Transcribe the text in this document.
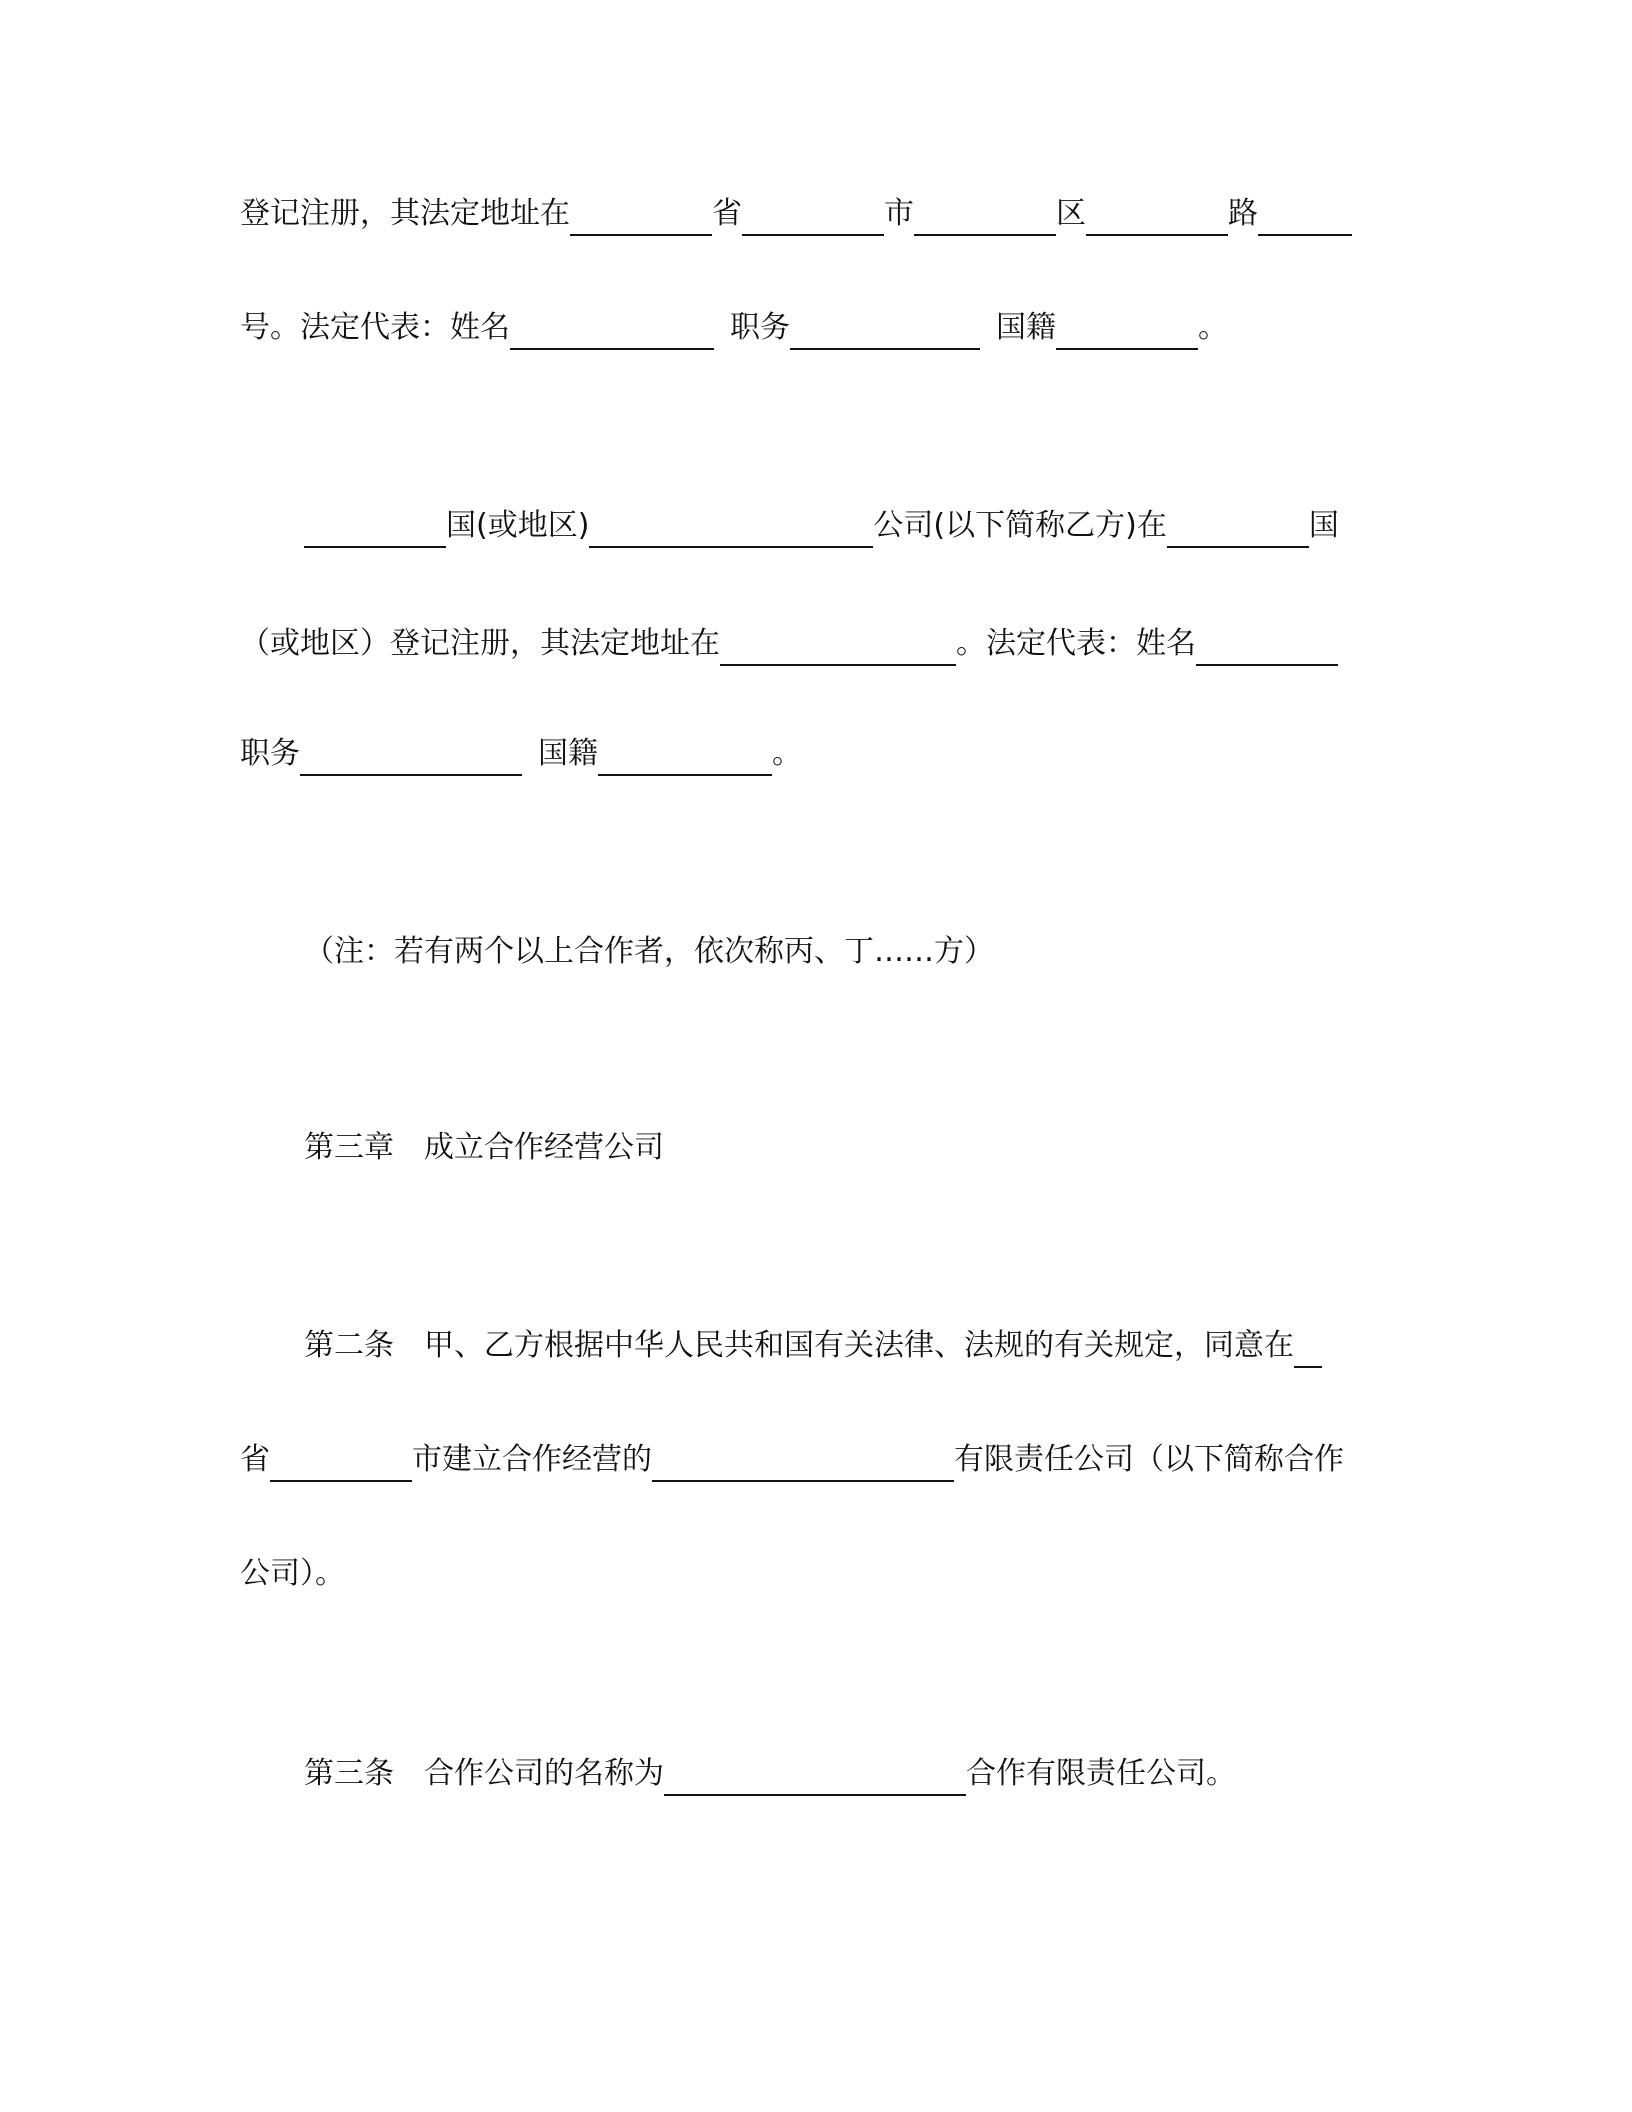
登记注册，其法定地址在	省	市	区	路
号。法定代表：姓名	职务	国籍	。
国(或地区)	公司(以下简称乙方)在	国
（或地区）登记注册，其法定地址在	。法定代表：姓名
职务	国籍	。
（注：若有两个以上合作者，依次称丙、丁……方）
第三章　成立合作经营公司
第二条　甲、乙方根据中华人民共和国有关法律、法规的有关规定，同意在
省	市建立合作经营的	有限责任公司（以下简称合作
公司）。
第三条　合作公司的名称为	合作有限责任公司。
